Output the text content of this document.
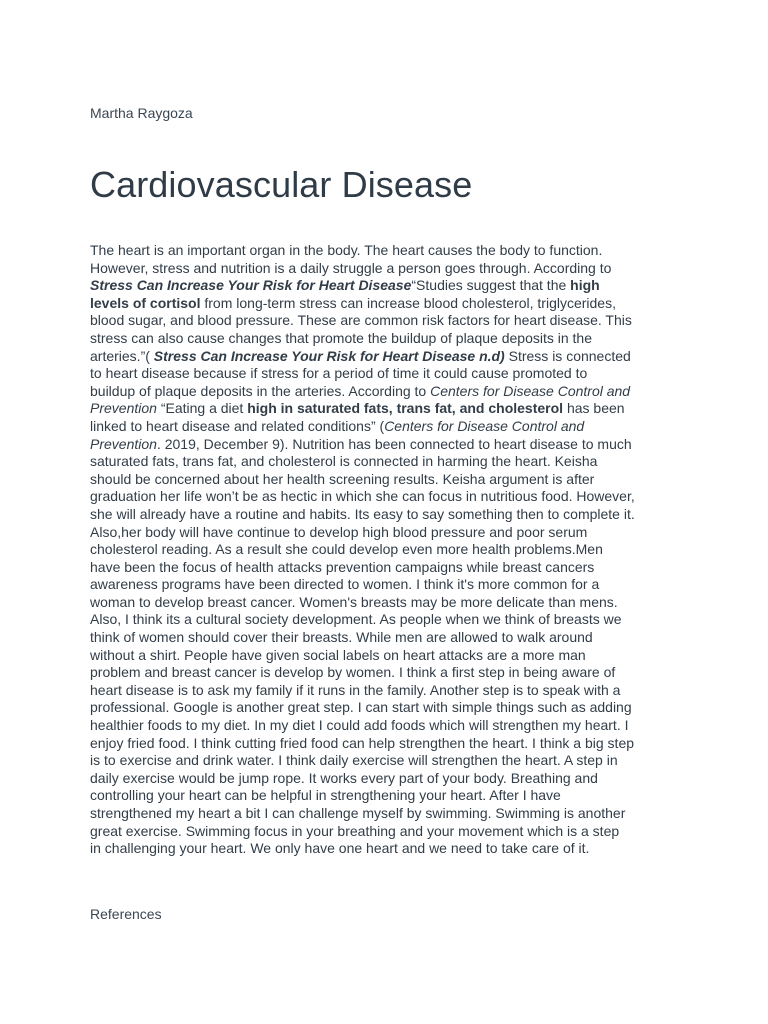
Martha Raygoza
Cardiovascular Disease
The heart is an important organ in the body. The heart causes the body to function.
However, stress and nutrition is a daily struggle a person goes through. According to
Stress Can Increase Your Risk for Heart Disease“Studies suggest that the high
levels of cortisol from long-term stress can increase blood cholesterol, triglycerides,
blood sugar, and blood pressure. These are common risk factors for heart disease. This
stress can also cause changes that promote the buildup of plaque deposits in the
arteries.”( Stress Can Increase Your Risk for Heart Disease n.d) Stress is connected
to heart disease because if stress for a period of time it could cause promoted to
buildup of plaque deposits in the arteries. According to Centers for Disease Control and
Prevention “Eating a diet high in saturated fats, trans fat, and cholesterol has been
linked to heart disease and related conditions” (Centers for Disease Control and
Prevention. 2019, December 9). Nutrition has been connected to heart disease to much
saturated fats, trans fat, and cholesterol is connected in harming the heart. Keisha
should be concerned about her health screening results. Keisha argument is after
graduation her life won’t be as hectic in which she can focus in nutritious food. However,
she will already have a routine and habits. Its easy to say something then to complete it.
Also,her body will have continue to develop high blood pressure and poor serum
cholesterol reading. As a result she could develop even more health problems.Men
have been the focus of health attacks prevention campaigns while breast cancers
awareness programs have been directed to women. I think it's more common for a
woman to develop breast cancer. Women's breasts may be more delicate than mens.
Also, I think its a cultural society development. As people when we think of breasts we
think of women should cover their breasts. While men are allowed to walk around
without a shirt. People have given social labels on heart attacks are a more man
problem and breast cancer is develop by women. I think a first step in being aware of
heart disease is to ask my family if it runs in the family. Another step is to speak with a
professional. Google is another great step. I can start with simple things such as adding
healthier foods to my diet. In my diet I could add foods which will strengthen my heart. I
enjoy fried food. I think cutting fried food can help strengthen the heart. I think a big step
is to exercise and drink water. I think daily exercise will strengthen the heart. A step in
daily exercise would be jump rope. It works every part of your body. Breathing and
controlling your heart can be helpful in strengthening your heart. After I have
strengthened my heart a bit I can challenge myself by swimming. Swimming is another
great exercise. Swimming focus in your breathing and your movement which is a step
in challenging your heart. We only have one heart and we need to take care of it.
References
